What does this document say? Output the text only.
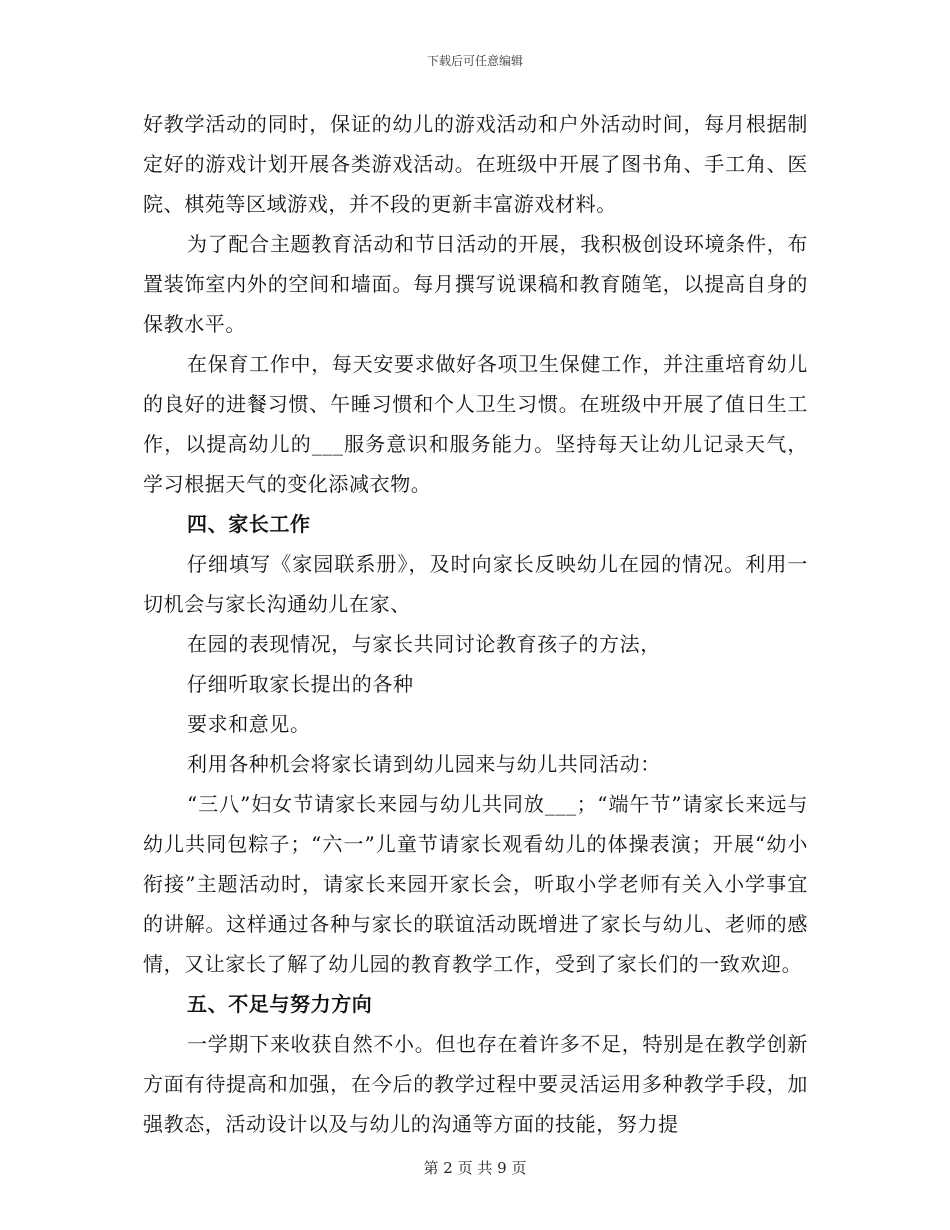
下载后可任意编辑

好教学活动的同时，保证的幼儿的游戏活动和户外活动时间，每月根据制定好的游戏计划开展各类游戏活动。在班级中开展了图书角、手工角、医院、棋苑等区域游戏，并不段的更新丰富游戏材料。

为了配合主题教育活动和节日活动的开展，我积极创设环境条件，布置装饰室内外的空间和墙面。每月撰写说课稿和教育随笔，以提高自身的保教水平。

在保育工作中，每天安要求做好各项卫生保健工作，并注重培育幼儿的良好的进餐习惯、午睡习惯和个人卫生习惯。在班级中开展了值日生工作，以提高幼儿的___服务意识和服务能力。坚持每天让幼儿记录天气，学习根据天气的变化添减衣物。

四、家长工作

仔细填写《家园联系册》，及时向家长反映幼儿在园的情况。利用一切机会与家长沟通幼儿在家、

在园的表现情况，与家长共同讨论教育孩子的方法，

仔细听取家长提出的各种

要求和意见。

利用各种机会将家长请到幼儿园来与幼儿共同活动：

“三八”妇女节请家长来园与幼儿共同放___；“端午节”请家长来远与幼儿共同包粽子；“六一”儿童节请家长观看幼儿的体操表演；开展“幼小衔接”主题活动时，请家长来园开家长会，听取小学老师有关入小学事宜的讲解。这样通过各种与家长的联谊活动既增进了家长与幼儿、老师的感情，又让家长了解了幼儿园的教育教学工作，受到了家长们的一致欢迎。

五、不足与努力方向

一学期下来收获自然不小。但也存在着许多不足，特别是在教学创新方面有待提高和加强，在今后的教学过程中要灵活运用多种教学手段，加强教态，活动设计以及与幼儿的沟通等方面的技能，努力提

第 2 页 共 9 页
